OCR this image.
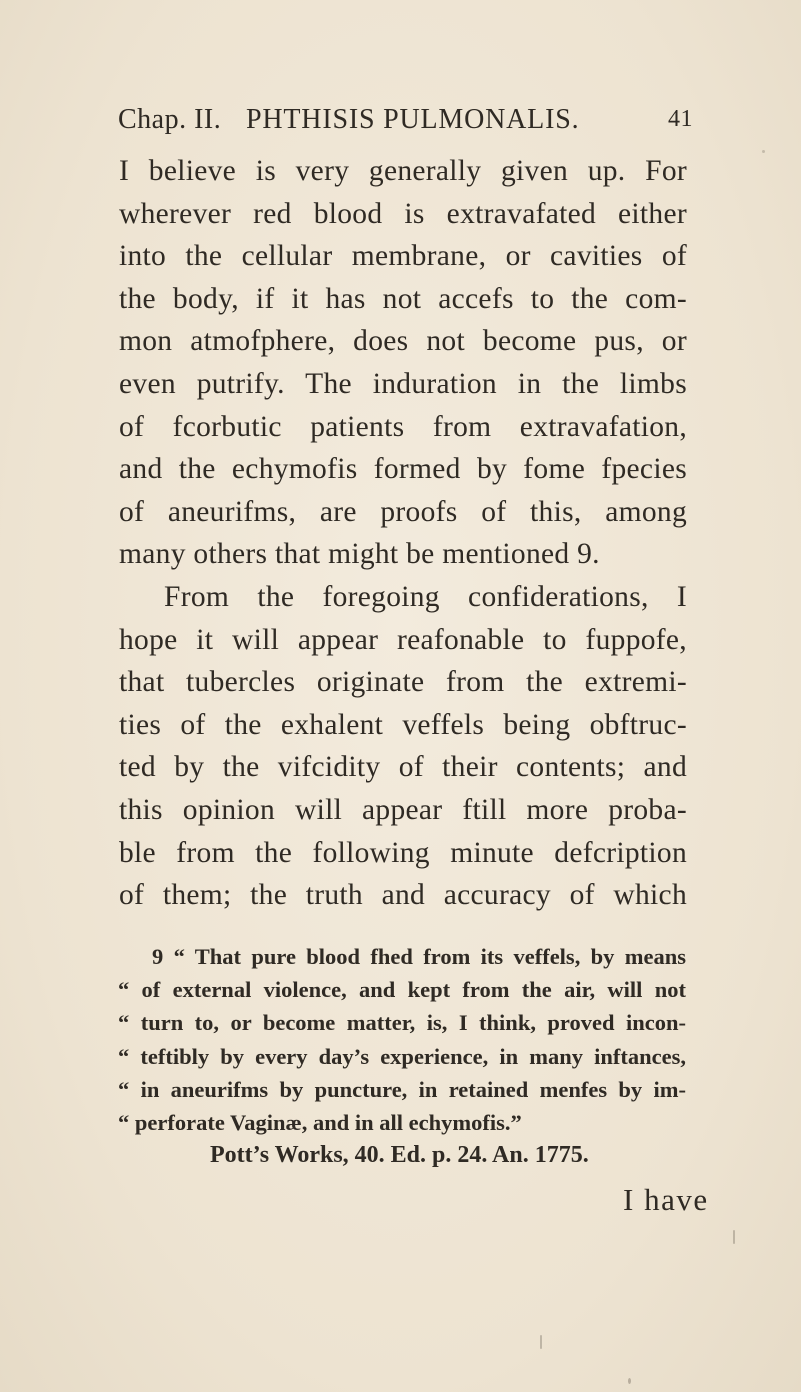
Chap. II. PHTHISIS PULMONALIS.	41
I believe is very generally given up. For
wherever red blood is extravafated either
into the cellular membrane, or cavities of
the body, if it has not accefs to the com-
mon atmofphere, does not become pus, or
even putrify. The induration in the limbs
of fcorbutic patients from extravafation,
and the echymofis formed by fome fpecies
of aneurifms, are proofs of this, among
many others that might be mentioned 9.
From the foregoing confiderations, I
hope it will appear reafonable to fuppofe,
that tubercles originate from the extremi-
ties of the exhalent veffels being obftruc-
ted by the vifcidity of their contents; and
this opinion will appear ftill more proba-
ble from the following minute defcription
of them; the truth and accuracy of which
9 “ That pure blood fhed from its veffels, by means
“ of external violence, and kept from the air, will not
“ turn to, or become matter, is, I think, proved incon-
“ teftibly by every day’s experience, in many inftances,
“ in aneurifms by puncture, in retained menfes by im-
“ perforate Vaginæ, and in all echymofis.”
Pott’s Works, 40. Ed. p. 24. An. 1775.
I have
